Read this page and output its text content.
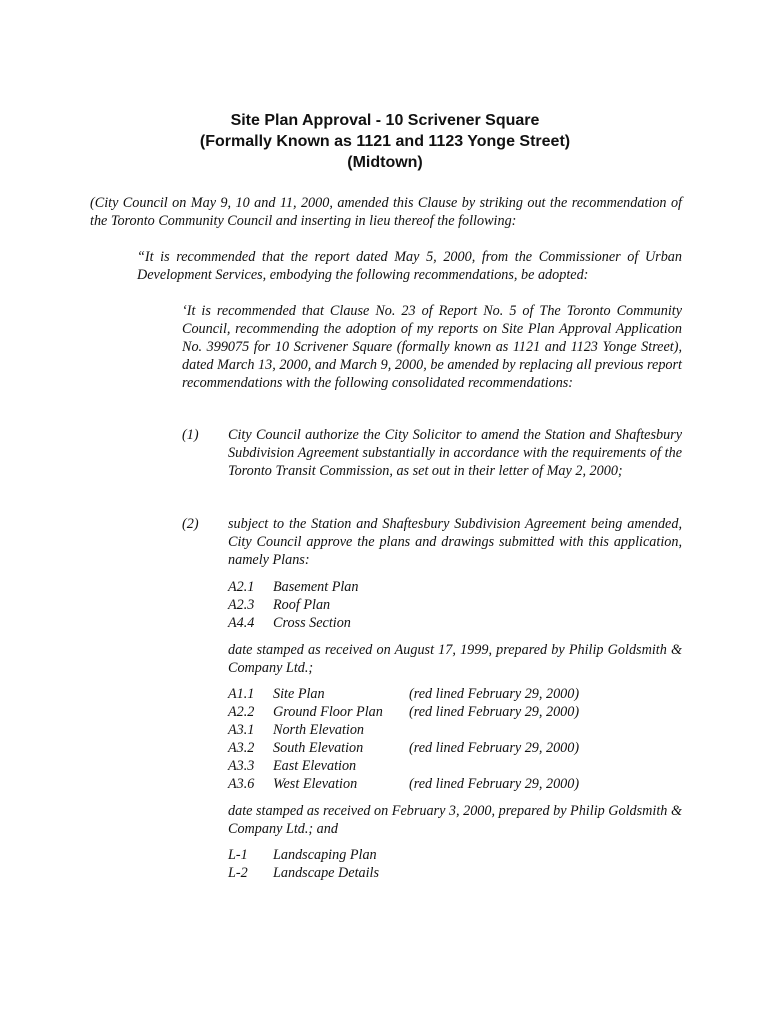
Site Plan Approval - 10 Scrivener Square
(Formally Known as 1121 and 1123 Yonge Street)
(Midtown)
(City Council on May 9, 10 and 11, 2000, amended this Clause by striking out the recommendation of the Toronto Community Council and inserting in lieu thereof the following:
“It is recommended that the report dated May 5, 2000, from the Commissioner of Urban Development Services, embodying the following recommendations, be adopted:
‘It is recommended that Clause No. 23 of Report No. 5 of The Toronto Community Council, recommending the adoption of my reports on Site Plan Approval Application No. 399075 for 10 Scrivener Square (formally known as 1121 and 1123 Yonge Street), dated March 13, 2000, and March 9, 2000, be amended by replacing all previous report recommendations with the following consolidated recommendations:
(1) City Council authorize the City Solicitor to amend the Station and Shaftesbury Subdivision Agreement substantially in accordance with the requirements of the Toronto Transit Commission, as set out in their letter of May 2, 2000;
(2) subject to the Station and Shaftesbury Subdivision Agreement being amended, City Council approve the plans and drawings submitted with this application, namely Plans:
A2.1 Basement Plan
A2.3 Roof Plan
A4.4 Cross Section
date stamped as received on August 17, 1999, prepared by Philip Goldsmith & Company Ltd.;
A1.1 Site Plan	(red lined February 29, 2000)
A2.2 Ground Floor Plan (red lined February 29, 2000)
A3.1 North Elevation
A3.2 South Elevation	(red lined February 29, 2000)
A3.3 East Elevation
A3.6 West Elevation	(red lined February 29, 2000)
date stamped as received on February 3, 2000, prepared by Philip Goldsmith & Company Ltd.; and
L-1 Landscaping Plan
L-2 Landscape Details
